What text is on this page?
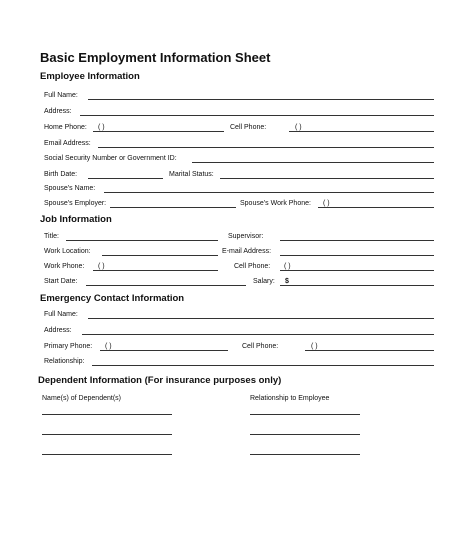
Basic Employment Information Sheet
Employee Information
Full Name:
Address:
Home Phone: ( )	Cell Phone:	( )
Email Address:
Social Security Number or Government ID:
Birth Date:	Marital Status:
Spouse’s Name:
Spouse’s Employer:	Spouse’s Work Phone: ( )
Job Information
Title:	Supervisor:
Work Location:	E-mail Address:
Work Phone: ( )	Cell Phone: ( )
Start Date:	Salary: $
Emergency Contact Information
Full Name:
Address:
Primary Phone: ( )	Cell Phone:	( )
Relationship:
Dependent Information (For insurance purposes only)
Name(s) of Dependent(s)	Relationship to Employee
